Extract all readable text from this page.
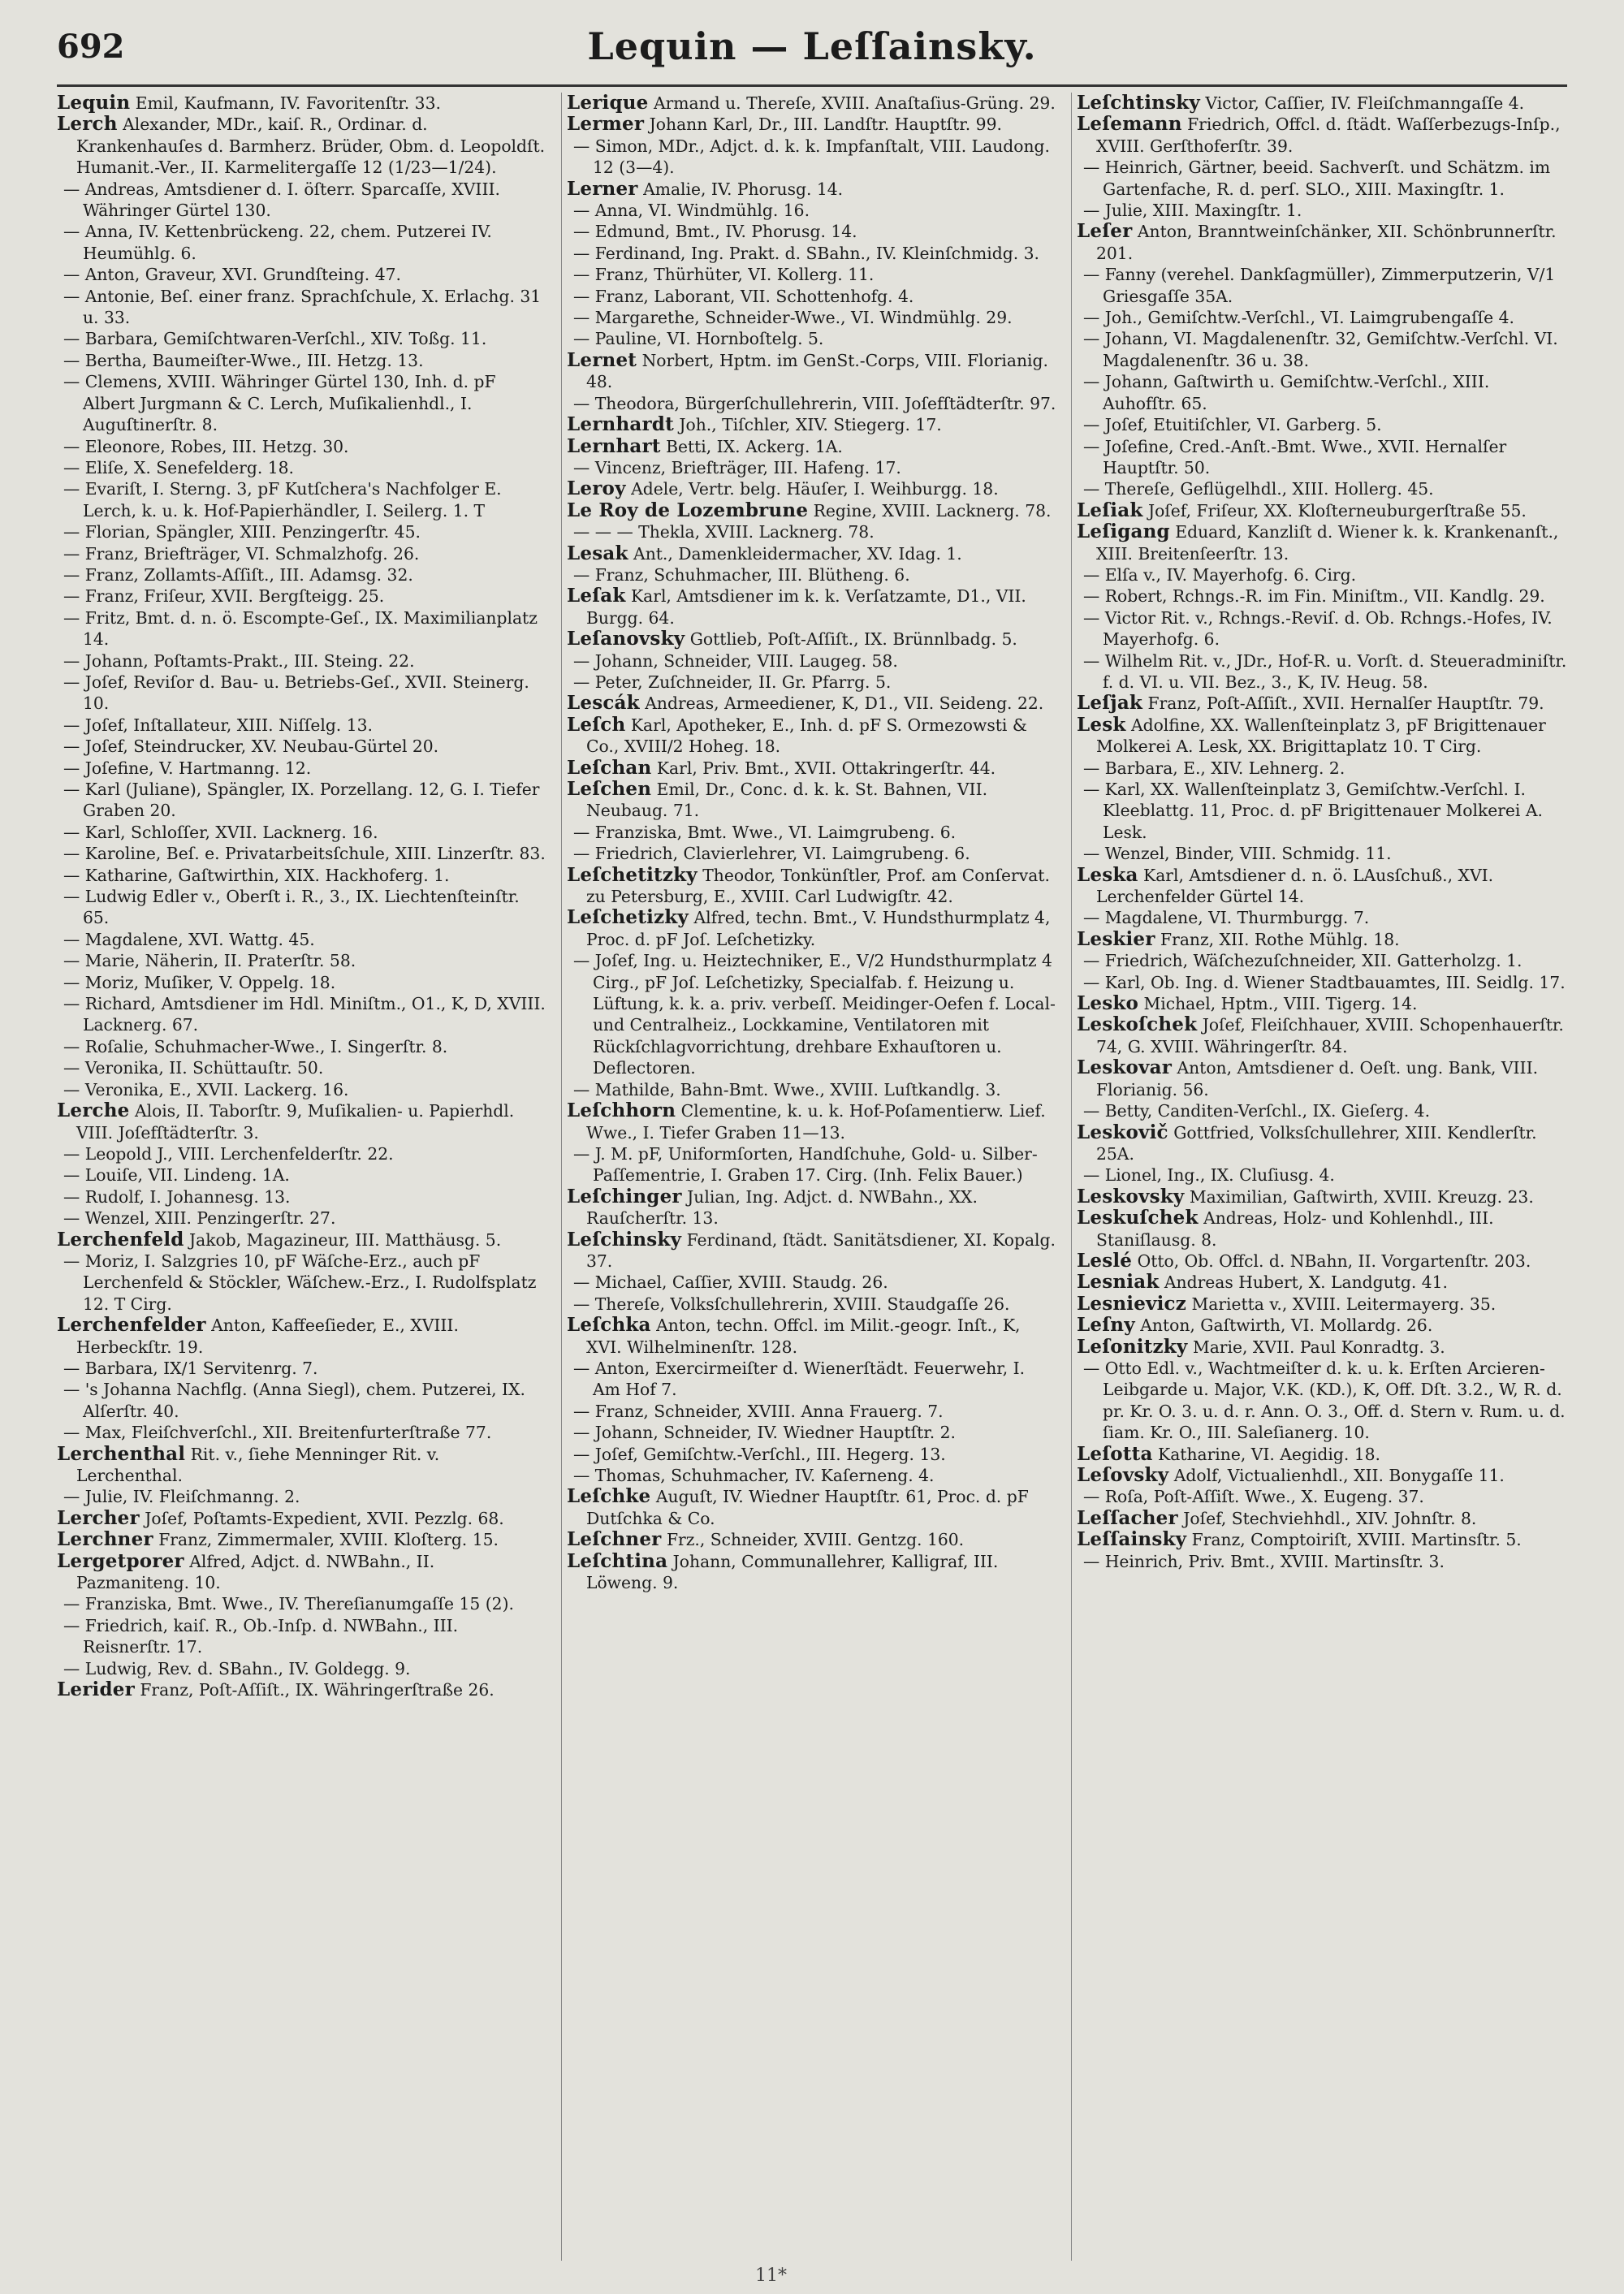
692	Lequin — Leſſainsky.

Lequin Emil, Kaufmann, IV. Favoritenſtr. 33.

Lerch Alexander, MDr., kaiſ. R., Ordinar. d. Krankenhauſes d. Barmherz. Brüder, Obm. d. Leopoldſt. Humanit.-Ver., II. Karmelitergaſſe 12 (1/23—1/24).

— Andreas, Amtsdiener d. I. öſterr. Sparcaſſe, XVIII. Währinger Gürtel 130.

— Anna, IV. Kettenbrückeng. 22, chem. Putzerei IV. Heumühlg. 6.

— Anton, Graveur, XVI. Grundſteing. 47.

— Antonie, Beſ. einer franz. Sprachſchule, X. Erlachg. 31 u. 33.

— Barbara, Gemiſchtwaren-Verſchl., XIV. Toßg. 11.

— Bertha, Baumeiſter-Wwe., III. Hetzg. 13.

— Clemens, XVIII. Währinger Gürtel 130, Inh. d. pF Albert Jurgmann & C. Lerch, Muſikalienhdl., I. Auguſtinerſtr. 8.

— Eleonore, Robes, III. Hetzg. 30.

— Eliſe, X. Senefelderg. 18.

— Evariſt, I. Sterng. 3, pF Kutſchera's Nachfolger E. Lerch, k. u. k. Hof-Papierhändler, I. Seilerg. 1. T

— Florian, Spängler, XIII. Penzingerſtr. 45.

— Franz, Briefträger, VI. Schmalzhofg. 26.

— Franz, Zollamts-Aſſiſt., III. Adamsg. 32.

— Franz, Friſeur, XVII. Bergſteigg. 25.

— Fritz, Bmt. d. n. ö. Escompte-Geſ., IX. Maximilianplatz 14.

— Johann, Poſtamts-Prakt., III. Steing. 22.

— Joſef, Reviſor d. Bau- u. Betriebs-Geſ., XVII. Steinerg. 10.

— Joſef, Inſtallateur, XIII. Niſſelg. 13.

— Joſef, Steindrucker, XV. Neubau-Gürtel 20.

— Joſefine, V. Hartmanng. 12.

— Karl (Juliane), Spängler, IX. Porzellang. 12, G. I. Tiefer Graben 20.

— Karl, Schloſſer, XVII. Lacknerg. 16.

— Karoline, Beſ. e. Privatarbeitsſchule, XIII. Linzerſtr. 83.

— Katharine, Gaſtwirthin, XIX. Hackhoferg. 1.

— Ludwig Edler v., Oberſt i. R., 3., IX. Liechtenſteinſtr. 65.

— Magdalene, XVI. Wattg. 45.

— Marie, Näherin, II. Praterſtr. 58.

— Moriz, Muſiker, V. Oppelg. 18.

— Richard, Amtsdiener im Hdl. Miniſtm., O1., K, D, XVIII. Lacknerg. 67.

— Roſalie, Schuhmacher-Wwe., I. Singerſtr. 8.

— Veronika, II. Schüttauſtr. 50.

— Veronika, E., XVII. Lackerg. 16.

Lerche Alois, II. Taborſtr. 9, Muſikalien- u. Papierhdl. VIII. Joſefſtädterſtr. 3.

— Leopold J., VIII. Lerchenfelderſtr. 22.

— Louiſe, VII. Lindeng. 1A.

— Rudolf, I. Johannesg. 13.

— Wenzel, XIII. Penzingerſtr. 27.

Lerchenfeld Jakob, Magazineur, III. Matthäusg. 5.

— Moriz, I. Salzgries 10, pF Wäſche-Erz., auch pF Lerchenfeld & Stöckler, Wäſchew.-Erz., I. Rudolfsplatz 12. T Cirg.

Lerchenfelder Anton, Kaffeeſieder, E., XVIII. Herbeckſtr. 19.

— Barbara, IX/1 Servitenrg. 7.

— 's Johanna Nachflg. (Anna Siegl), chem. Putzerei, IX. Alſerſtr. 40.

— Max, Fleiſchverſchl., XII. Breitenfurterſtraße 77.

Lerchenthal Rit. v., ſiehe Menninger Rit. v. Lerchenthal.

— Julie, IV. Fleiſchmanng. 2.

Lercher Joſef, Poſtamts-Expedient, XVII. Pezzlg. 68.

Lerchner Franz, Zimmermaler, XVIII. Kloſterg. 15.

Lergetporer Alfred, Adjct. d. NWBahn., II. Pazmaniteng. 10.

— Franziska, Bmt. Wwe., IV. Thereſianumgaſſe 15 (2).

— Friedrich, kaiſ. R., Ob.-Inſp. d. NWBahn., III. Reisnerſtr. 17.

— Ludwig, Rev. d. SBahn., IV. Goldegg. 9.

Lerider Franz, Poſt-Aſſiſt., IX. Währingerſtraße 26.

Lerique Armand u. Thereſe, XVIII. Anaſtaſius-Grüng. 29.

Lermer Johann Karl, Dr., III. Landſtr. Hauptſtr. 99.

— Simon, MDr., Adjct. d. k. k. Impfanſtalt, VIII. Laudong. 12 (3—4).

Lerner Amalie, IV. Phorusg. 14.

— Anna, VI. Windmühlg. 16.

— Edmund, Bmt., IV. Phorusg. 14.

— Ferdinand, Ing. Prakt. d. SBahn., IV. Kleinſchmidg. 3.

— Franz, Thürhüter, VI. Kollerg. 11.

— Franz, Laborant, VII. Schottenhofg. 4.

— Margarethe, Schneider-Wwe., VI. Windmühlg. 29.

— Pauline, VI. Hornboſtelg. 5.

Lernet Norbert, Hptm. im GenSt.-Corps, VIII. Florianig. 48.

— Theodora, Bürgerſchullehrerin, VIII. Joſefſtädterſtr. 97.

Lernhardt Joh., Tiſchler, XIV. Stiegerg. 17.

Lernhart Betti, IX. Ackerg. 1A.

— Vincenz, Briefträger, III. Hafeng. 17.

Leroy Adele, Vertr. belg. Häuſer, I. Weihburgg. 18.

Le Roy de Lozembrune Regine, XVIII. Lacknerg. 78.

— — — Thekla, XVIII. Lacknerg. 78.

Lesak Ant., Damenkleidermacher, XV. Idag. 1.

— Franz, Schuhmacher, III. Blütheng. 6.

Leſak Karl, Amtsdiener im k. k. Verſatzamte, D1., VII. Burgg. 64.

Leſanovsky Gottlieb, Poſt-Aſſiſt., IX. Brünnlbadg. 5.

— Johann, Schneider, VIII. Laugeg. 58.

— Peter, Zuſchneider, II. Gr. Pfarrg. 5.

Lescák Andreas, Armeediener, K, D1., VII. Seideng. 22.

Leſch Karl, Apotheker, E., Inh. d. pF S. Ormezowsti & Co., XVIII/2 Hoheg. 18.

Leſchan Karl, Priv. Bmt., XVII. Ottakringerſtr. 44.

Leſchen Emil, Dr., Conc. d. k. k. St. Bahnen, VII. Neubaug. 71.

— Franziska, Bmt. Wwe., VI. Laimgrubeng. 6.

— Friedrich, Clavierlehrer, VI. Laimgrubeng. 6.

Leſchetitzky Theodor, Tonkünſtler, Prof. am Conſervat. zu Petersburg, E., XVIII. Carl Ludwigſtr. 42.

Leſchetizky Alfred, techn. Bmt., V. Hundsthurmplatz 4, Proc. d. pF Joſ. Leſchetizky.

— Joſef, Ing. u. Heiztechniker, E., V/2 Hundsthurmplatz 4 Cirg., pF Joſ. Leſchetizky, Specialfab. f. Heizung u. Lüftung, k. k. a. priv. verbeſſ. Meidinger-Oefen f. Local- und Centralheiz., Lockkamine, Ventilatoren mit Rückſchlagvorrichtung, drehbare Exhauſtoren u. Deflectoren.

— Mathilde, Bahn-Bmt. Wwe., XVIII. Luſtkandlg. 3.

Leſchhorn Clementine, k. u. k. Hof-Poſamentierw. Lief. Wwe., I. Tiefer Graben 11—13.

— J. M. pF, Uniformſorten, Handſchuhe, Gold- u. Silber-Paſſementrie, I. Graben 17. Cirg. (Inh. Felix Bauer.)

Leſchinger Julian, Ing. Adjct. d. NWBahn., XX. Rauſcherſtr. 13.

Leſchinsky Ferdinand, ſtädt. Sanitätsdiener, XI. Kopalg. 37.

— Michael, Caſſier, XVIII. Staudg. 26.

— Thereſe, Volksſchullehrerin, XVIII. Staudgaſſe 26.

Leſchka Anton, techn. Offcl. im Milit.-geogr. Inſt., K, XVI. Wilhelminenſtr. 128.

— Anton, Exercirmeiſter d. Wienerſtädt. Feuerwehr, I. Am Hof 7.

— Franz, Schneider, XVIII. Anna Frauerg. 7.

— Johann, Schneider, IV. Wiedner Hauptſtr. 2.

— Joſef, Gemiſchtw.-Verſchl., III. Hegerg. 13.

— Thomas, Schuhmacher, IV. Kaſerneng. 4.

Leſchke Auguſt, IV. Wiedner Hauptſtr. 61, Proc. d. pF Dutſchka & Co.

Leſchner Frz., Schneider, XVIII. Gentzg. 160.

Leſchtina Johann, Communallehrer, Kalligraf, III. Löweng. 9.

Leſchtinsky Victor, Caſſier, IV. Fleiſchmanngaſſe 4.

Leſemann Friedrich, Offcl. d. ſtädt. Waſſerbezugs-Inſp., XVIII. Gerſthoferſtr. 39.

— Heinrich, Gärtner, beeid. Sachverſt. und Schätzm. im Gartenfache, R. d. perſ. SLO., XIII. Maxingſtr. 1.

— Julie, XIII. Maxingſtr. 1.

Leſer Anton, Branntweinſchänker, XII. Schönbrunnerſtr. 201.

— Fanny (verehel. Dankſagmüller), Zimmerputzerin, V/1 Griesgaſſe 35A.

— Joh., Gemiſchtw.-Verſchl., VI. Laimgrubengaſſe 4.

— Johann, VI. Magdalenenſtr. 32, Gemiſchtw.-Verſchl. VI. Magdalenenſtr. 36 u. 38.

— Johann, Gaſtwirth u. Gemiſchtw.-Verſchl., XIII. Auhofſtr. 65.

— Joſef, Etuitiſchler, VI. Garberg. 5.

— Joſefine, Cred.-Anſt.-Bmt. Wwe., XVII. Hernalſer Hauptſtr. 50.

— Thereſe, Geflügelhdl., XIII. Hollerg. 45.

Leſiak Joſef, Friſeur, XX. Kloſterneuburgerſtraße 55.

Leſigang Eduard, Kanzliſt d. Wiener k. k. Krankenanſt., XIII. Breitenſeerſtr. 13.

— Elſa v., IV. Mayerhofg. 6. Cirg.

— Robert, Rchngs.-R. im Fin. Miniſtm., VII. Kandlg. 29.

— Victor Rit. v., Rchngs.-Reviſ. d. Ob. Rchngs.-Hofes, IV. Mayerhofg. 6.

— Wilhelm Rit. v., JDr., Hof-R. u. Vorſt. d. Steueradminiſtr. f. d. VI. u. VII. Bez., 3., K, IV. Heug. 58.

Leſjak Franz, Poſt-Aſſiſt., XVII. Hernalſer Hauptſtr. 79.

Lesk Adolfine, XX. Wallenſteinplatz 3, pF Brigittenauer Molkerei A. Lesk, XX. Brigittaplatz 10. T Cirg.

— Barbara, E., XIV. Lehnerg. 2.

— Karl, XX. Wallenſteinplatz 3, Gemiſchtw.-Verſchl. I. Kleeblattg. 11, Proc. d. pF Brigittenauer Molkerei A. Lesk.

— Wenzel, Binder, VIII. Schmidg. 11.

Leska Karl, Amtsdiener d. n. ö. LAusſchuß., XVI. Lerchenfelder Gürtel 14.

— Magdalene, VI. Thurmburgg. 7.

Leskier Franz, XII. Rothe Mühlg. 18.

— Friedrich, Wäſchezuſchneider, XII. Gatterholzg. 1.

— Karl, Ob. Ing. d. Wiener Stadtbauamtes, III. Seidlg. 17.

Lesko Michael, Hptm., VIII. Tigerg. 14.

Leskoſchek Joſef, Fleiſchhauer, XVIII. Schopenhauerſtr. 74, G. XVIII. Währingerſtr. 84.

Leskovar Anton, Amtsdiener d. Oeſt. ung. Bank, VIII. Florianig. 56.

— Betty, Canditen-Verſchl., IX. Gieſerg. 4.

Leskovič Gottfried, Volksſchullehrer, XIII. Kendlerſtr. 25A.

— Lionel, Ing., IX. Cluſiusg. 4.

Leskovsky Maximilian, Gaſtwirth, XVIII. Kreuzg. 23.

Leskuſchek Andreas, Holz- und Kohlenhdl., III. Staniſlausg. 8.

Leslé Otto, Ob. Offcl. d. NBahn, II. Vorgartenſtr. 203.

Lesniak Andreas Hubert, X. Landgutg. 41.

Lesnievicz Marietta v., XVIII. Leitermayerg. 35.

Leſny Anton, Gaſtwirth, VI. Mollardg. 26.

Leſonitzky Marie, XVII. Paul Konradtg. 3.

— Otto Edl. v., Wachtmeiſter d. k. u. k. Erſten Arcieren-Leibgarde u. Major, V.K. (KD.), K, Off. Dſt. 3.2., W, R. d. pr. Kr. O. 3. u. d. r. Ann. O. 3., Off. d. Stern v. Rum. u. d. ſiam. Kr. O., III. Saleſianerg. 10.

Leſotta Katharine, VI. Aegidig. 18.

Leſovsky Adolf, Victualienhdl., XII. Bonygaſſe 11.

— Roſa, Poſt-Aſſiſt. Wwe., X. Eugeng. 37.

Leſſacher Joſef, Stechviehhdl., XIV. Johnſtr. 8.

Leſſainsky Franz, Comptoiriſt, XVIII. Martinsſtr. 5.

— Heinrich, Priv. Bmt., XVIII. Martinsſtr. 3.

11*
